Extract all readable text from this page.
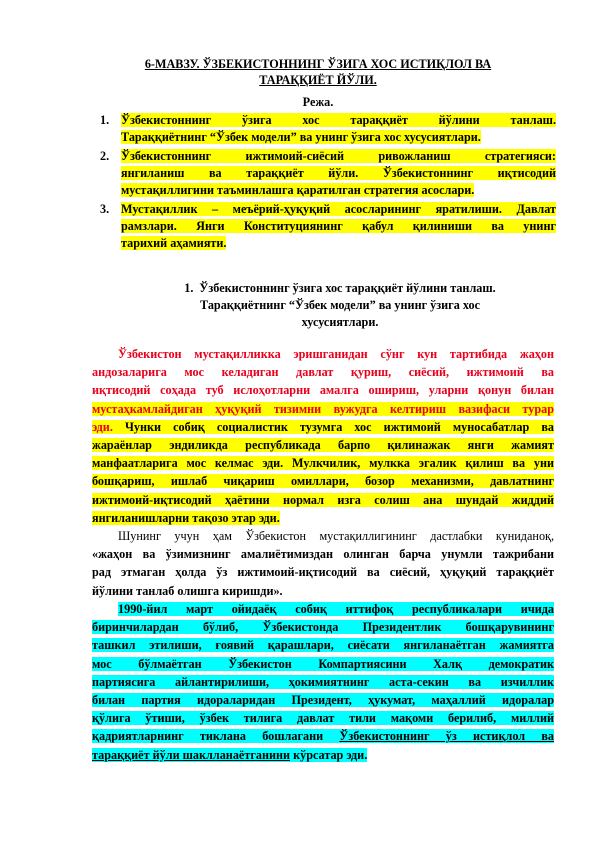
6-МАВЗУ. ЎЗБЕКИСТОННИНГ ЎЗИГА ХОС ИСТИҚЛОЛ ВА
ТАРАҚҚИЁТ ЙЎЛИ.
Режа.
1. Ўзбекистоннинг ўзига хос тараққиёт йўлини танлаш.
Тараққиётнинг “Ўзбек модели” ва унинг ўзига хос хусусиятлари.
2. Ўзбекистоннинг ижтимоий-сиёсий ривожланиш стратегияси:
янгиланиш ва тараққиёт йўли. Ўзбекистоннинг иқтисодий
мустақиллигини таъминлашга қаратилган стратегия асослари.
3. Мустақиллик – меъёрий-ҳуқуқий асосларининг яратилиши. Давлат
рамзлари. Янги Конституциянинг қабул қилиниши ва унинг
тарихий аҳамияти.
1. Ўзбекистоннинг ўзига хос тараққиёт йўлини танлаш.
Тараққиётнинг “Ўзбек модели” ва унинг ўзига хос
хусусиятлари.
Ўзбекистон мустақилликка эришганидан сўнг кун тартибида жаҳон
андозаларига мос келадиган давлат қуриш, сиёсий, ижтимоий ва
иқтисодий соҳада туб ислоҳотларни амалга ошириш, уларни қонун билан
мустаҳкамлайдиган ҳуқуқий тизимни вужудга келтириш вазифаси турар
эди. Чунки собиқ социалистик тузумга хос ижтимоий муносабатлар ва
жараёнлар эндиликда республикада барпо қилинажак янги жамият
манфаатларига мос келмас эди. Мулкчилик, мулкка эгалик қилиш ва уни
бошқариш, ишлаб чиқариш омиллари, бозор механизми, давлатнинг
ижтимоий-иқтисодий ҳаётини нормал изга солиш ана шундай жиддий
янгиланишларни тақозо этар эди.
Шунинг учун ҳам Ўзбекистон мустақиллигининг дастлабки куниданоқ,
«жаҳон ва ўзимизнинг амалиётимиздан олинган барча унумли тажрибани
рад этмаган ҳолда ўз ижтимоий-иқтисодий ва сиёсий, ҳуқуқий тараққиёт
йўлини танлаб олишга киришди».
1990-йил март ойидаёқ собиқ иттифоқ республикалари ичида
биринчилардан бўлиб, Ўзбекистонда Президентлик бошқарувининг
ташкил этилиши, ғоявий қарашлари, сиёсати янгиланаётган жамиятга
мос бўлмаётган Ўзбекистон Компартиясини Халқ демократик
партиясига айлантирилиши, ҳокимиятнинг аста-секин ва изчиллик
билан партия идораларидан Президент, ҳукумат, маҳаллий идоралар
қўлига ўтиши, ўзбек тилига давлат тили мақоми берилиб, миллий
қадриятларнинг тиклана бошлагани Ўзбекистоннинг ўз истиқлол ва
тараққиёт йўли шаклланаётганини кўрсатар эди.
